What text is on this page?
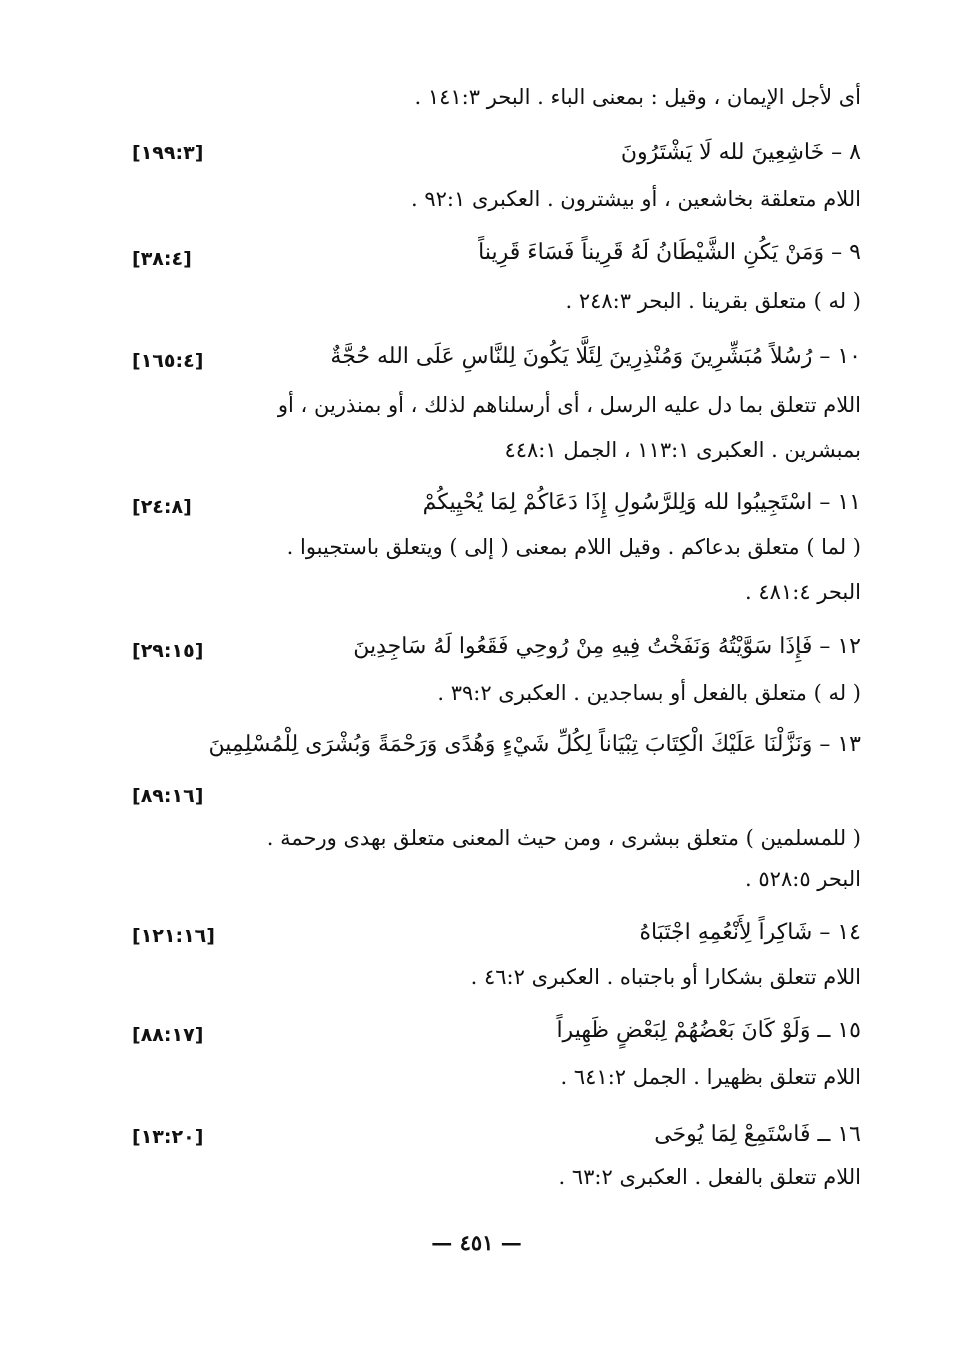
أى لأجل الإيمان ، وقيل : بمعنى الباء . البحر ١٤١:٣ .
٨ – خَاشِعِينَ لله لَا يَشْتَرُونَ
[١٩٩:٣]
اللام متعلقة بخاشعين ، أو بيشترون . العكبرى ٩٢:١ .
٩ – وَمَنْ يَكُنِ الشَّيْطَانُ لَهُ قَرِيناً فَسَاءَ قَرِيناً
[٣٨:٤]
( له ) متعلق بقرينا . البحر ٢٤٨:٣ .
١٠ – رُسُلاً مُبَشِّرِينَ وَمُنْذِرِينَ لِئَلَّا يَكُونَ لِلنَّاسِ عَلَى الله حُجَّةٌ
[١٦٥:٤]
اللام تتعلق بما دل عليه الرسل ، أى أرسلناهم لذلك ، أو بمنذرين ، أو
بمبشرين . العكبرى ١١٣:١ ، الجمل ٤٤٨:١
١١ – اسْتَجِيبُوا لله وَلِلرَّسُولِ إِذَا دَعَاكُمْ لِمَا يُحْيِيكُمْ
[٢٤:٨]
( لما ) متعلق بدعاكم . وقيل اللام بمعنى ( إلى ) ويتعلق باستجيبوا .
البحر ٤٨١:٤ .
١٢ – فَإِذَا سَوَّيْتُهُ وَنَفَخْتُ فِيهِ مِنْ رُوحِي فَقَعُوا لَهُ سَاجِدِينَ
[٢٩:١٥]
( له ) متعلق بالفعل أو بساجدين . العكبرى ٣٩:٢ .
١٣ – وَنَزَّلْنَا عَلَيْكَ الْكِتَابَ تِبْيَاناً لِكُلِّ شَيْءٍ وَهُدًى وَرَحْمَةً وَبُشْرَى لِلْمُسْلِمِينَ
[٨٩:١٦]
( للمسلمين ) متعلق ببشرى ، ومن حيث المعنى متعلق بهدى ورحمة .
البحر ٥٢٨:٥ .
١٤ – شَاكِراً لِأَنْعُمِهِ اجْتَبَاهُ
[١٢١:١٦]
اللام تتعلق بشكارا أو باجتباه . العكبرى ٤٦:٢ .
١٥ ــ وَلَوْ كَانَ بَعْضُهُمْ لِبَعْضٍ ظَهِيراً
[٨٨:١٧]
اللام تتعلق بظهيرا . الجمل ٦٤١:٢ .
١٦ ــ فَاسْتَمِعْ لِمَا يُوحَى
[١٣:٢٠]
اللام تتعلق بالفعل . العكبرى ٦٣:٢ .
— ٤٥١ —
